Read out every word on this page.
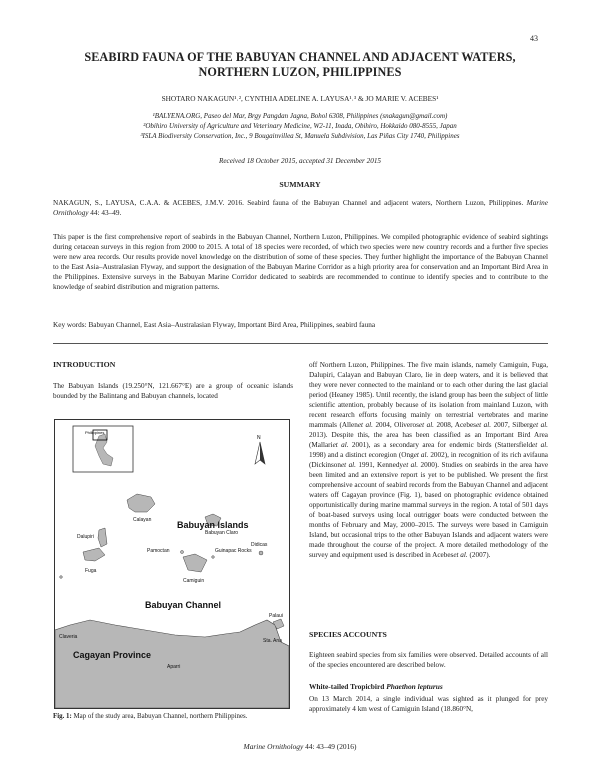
43
SEABIRD FAUNA OF THE BABUYAN CHANNEL AND ADJACENT WATERS, NORTHERN LUZON, PHILIPPINES
SHOTARO NAKAGUN¹˒², CYNTHIA ADELINE A. LAYUSA¹˒³ & JO MARIE V. ACEBES¹
¹BALYENA.ORG, Paseo del Mar, Brgy Pangdan Jagna, Bohol 6308, Philippines (snakagun@gmail.com)
²Obihiro University of Agriculture and Veterinary Medicine, W2-11, Inada, Obihiro, Hokkaido 080-8555, Japan
³ISLA Biodiversity Conservation, Inc., 9 Bougainvillea St, Manuela Subdivision, Las Piñas City 1740, Philippines
Received 18 October 2015, accepted 31 December 2015
SUMMARY
NAKAGUN, S., LAYUSA, C.A.A. & ACEBES, J.M.V. 2016. Seabird fauna of the Babuyan Channel and adjacent waters, Northern Luzon, Philippines. Marine Ornithology 44: 43–49.
This paper is the first comprehensive report of seabirds in the Babuyan Channel, Northern Luzon, Philippines. We compiled photographic evidence of seabird sightings during cetacean surveys in this region from 2000 to 2015. A total of 18 species were recorded, of which two species were new country records and a further five species were new area records. Our results provide novel knowledge on the distribution of some of these species. They further highlight the importance of the Babuyan Channel to the East Asia–Australasian Flyway, and support the designation of the Babuyan Marine Corridor as a high priority area for conservation and an Important Bird Area in the Philippines. Extensive surveys in the Babuyan Marine Corridor dedicated to seabirds are recommended to continue to identify species and to contribute to the knowledge of seabird distribution and migration patterns.
Key words: Babuyan Channel, East Asia–Australasian Flyway, Important Bird Area, Philippines, seabird fauna
INTRODUCTION
The Babuyan Islands (19.250°N, 121.667°E) are a group of oceanic islands bounded by the Balintang and Babuyan channels, located
Philippines
N
Babuyan Claro
Calayan	Babuyan Islands
Dalupiri
Didicas
Pamoctan	Guinapac Rocks
Fuga
Camiguin
Babuyan Channel
Palaui
Claveria
Cagayan Province
Aparri
Sta. Ana
Fig. 1: Map of the study area, Babuyan Channel, northern Philippines.
off Northern Luzon, Philippines. The five main islands, namely Camiguin, Fuga, Dalupiri, Calayan and Babuyan Claro, lie in deep waters, and it is believed that they were never connected to the mainland or to each other during the last glacial period (Heaney 1985). Until recently, the island group has been the subject of little scientific attention, probably because of its isolation from mainland Luzon, with recent research efforts focusing mainly on terrestrial vertebrates and marine mammals (Allenet al. 2004, Oliveroset al. 2008, Acebeset al. 2007, Silberget al. 2013). Despite this, the area has been classified as an Important Bird Area (Mallariet al. 2001), as a secondary area for endemic birds (Stattersfieldet al. 1998) and a distinct ecoregion (Onget al. 2002), in recognition of its rich avifauna (Dickinsonet al. 1991, Kennedyet al. 2000). Studies on seabirds in the area have been limited and an extensive report is yet to be published. We present the first comprehensive account of seabird records from the Babuyan Channel and adjacent waters off Cagayan province (Fig. 1), based on photographic evidence obtained opportunistically during marine mammal surveys in the region. A total of 501 days of boat-based surveys using local outrigger boats were conducted between the months of February and May, 2000–2015. The surveys were based in Camiguin Island, but occasional trips to the other Babuyan Islands and adjacent waters were made throughout the course of the project. A more detailed methodology of the survey and equipment used is described in Acebeset al. (2007).
SPECIES ACCOUNTS
Eighteen seabird species from six families were observed. Detailed accounts of all of the species encountered are described below.
White-tailed Tropicbird Phaethon lepturus
On 13 March 2014, a single individual was sighted as it plunged for prey approximately 4 km west of Camiguin Island (18.860°N,
Marine Ornithology 44: 43–49 (2016)
